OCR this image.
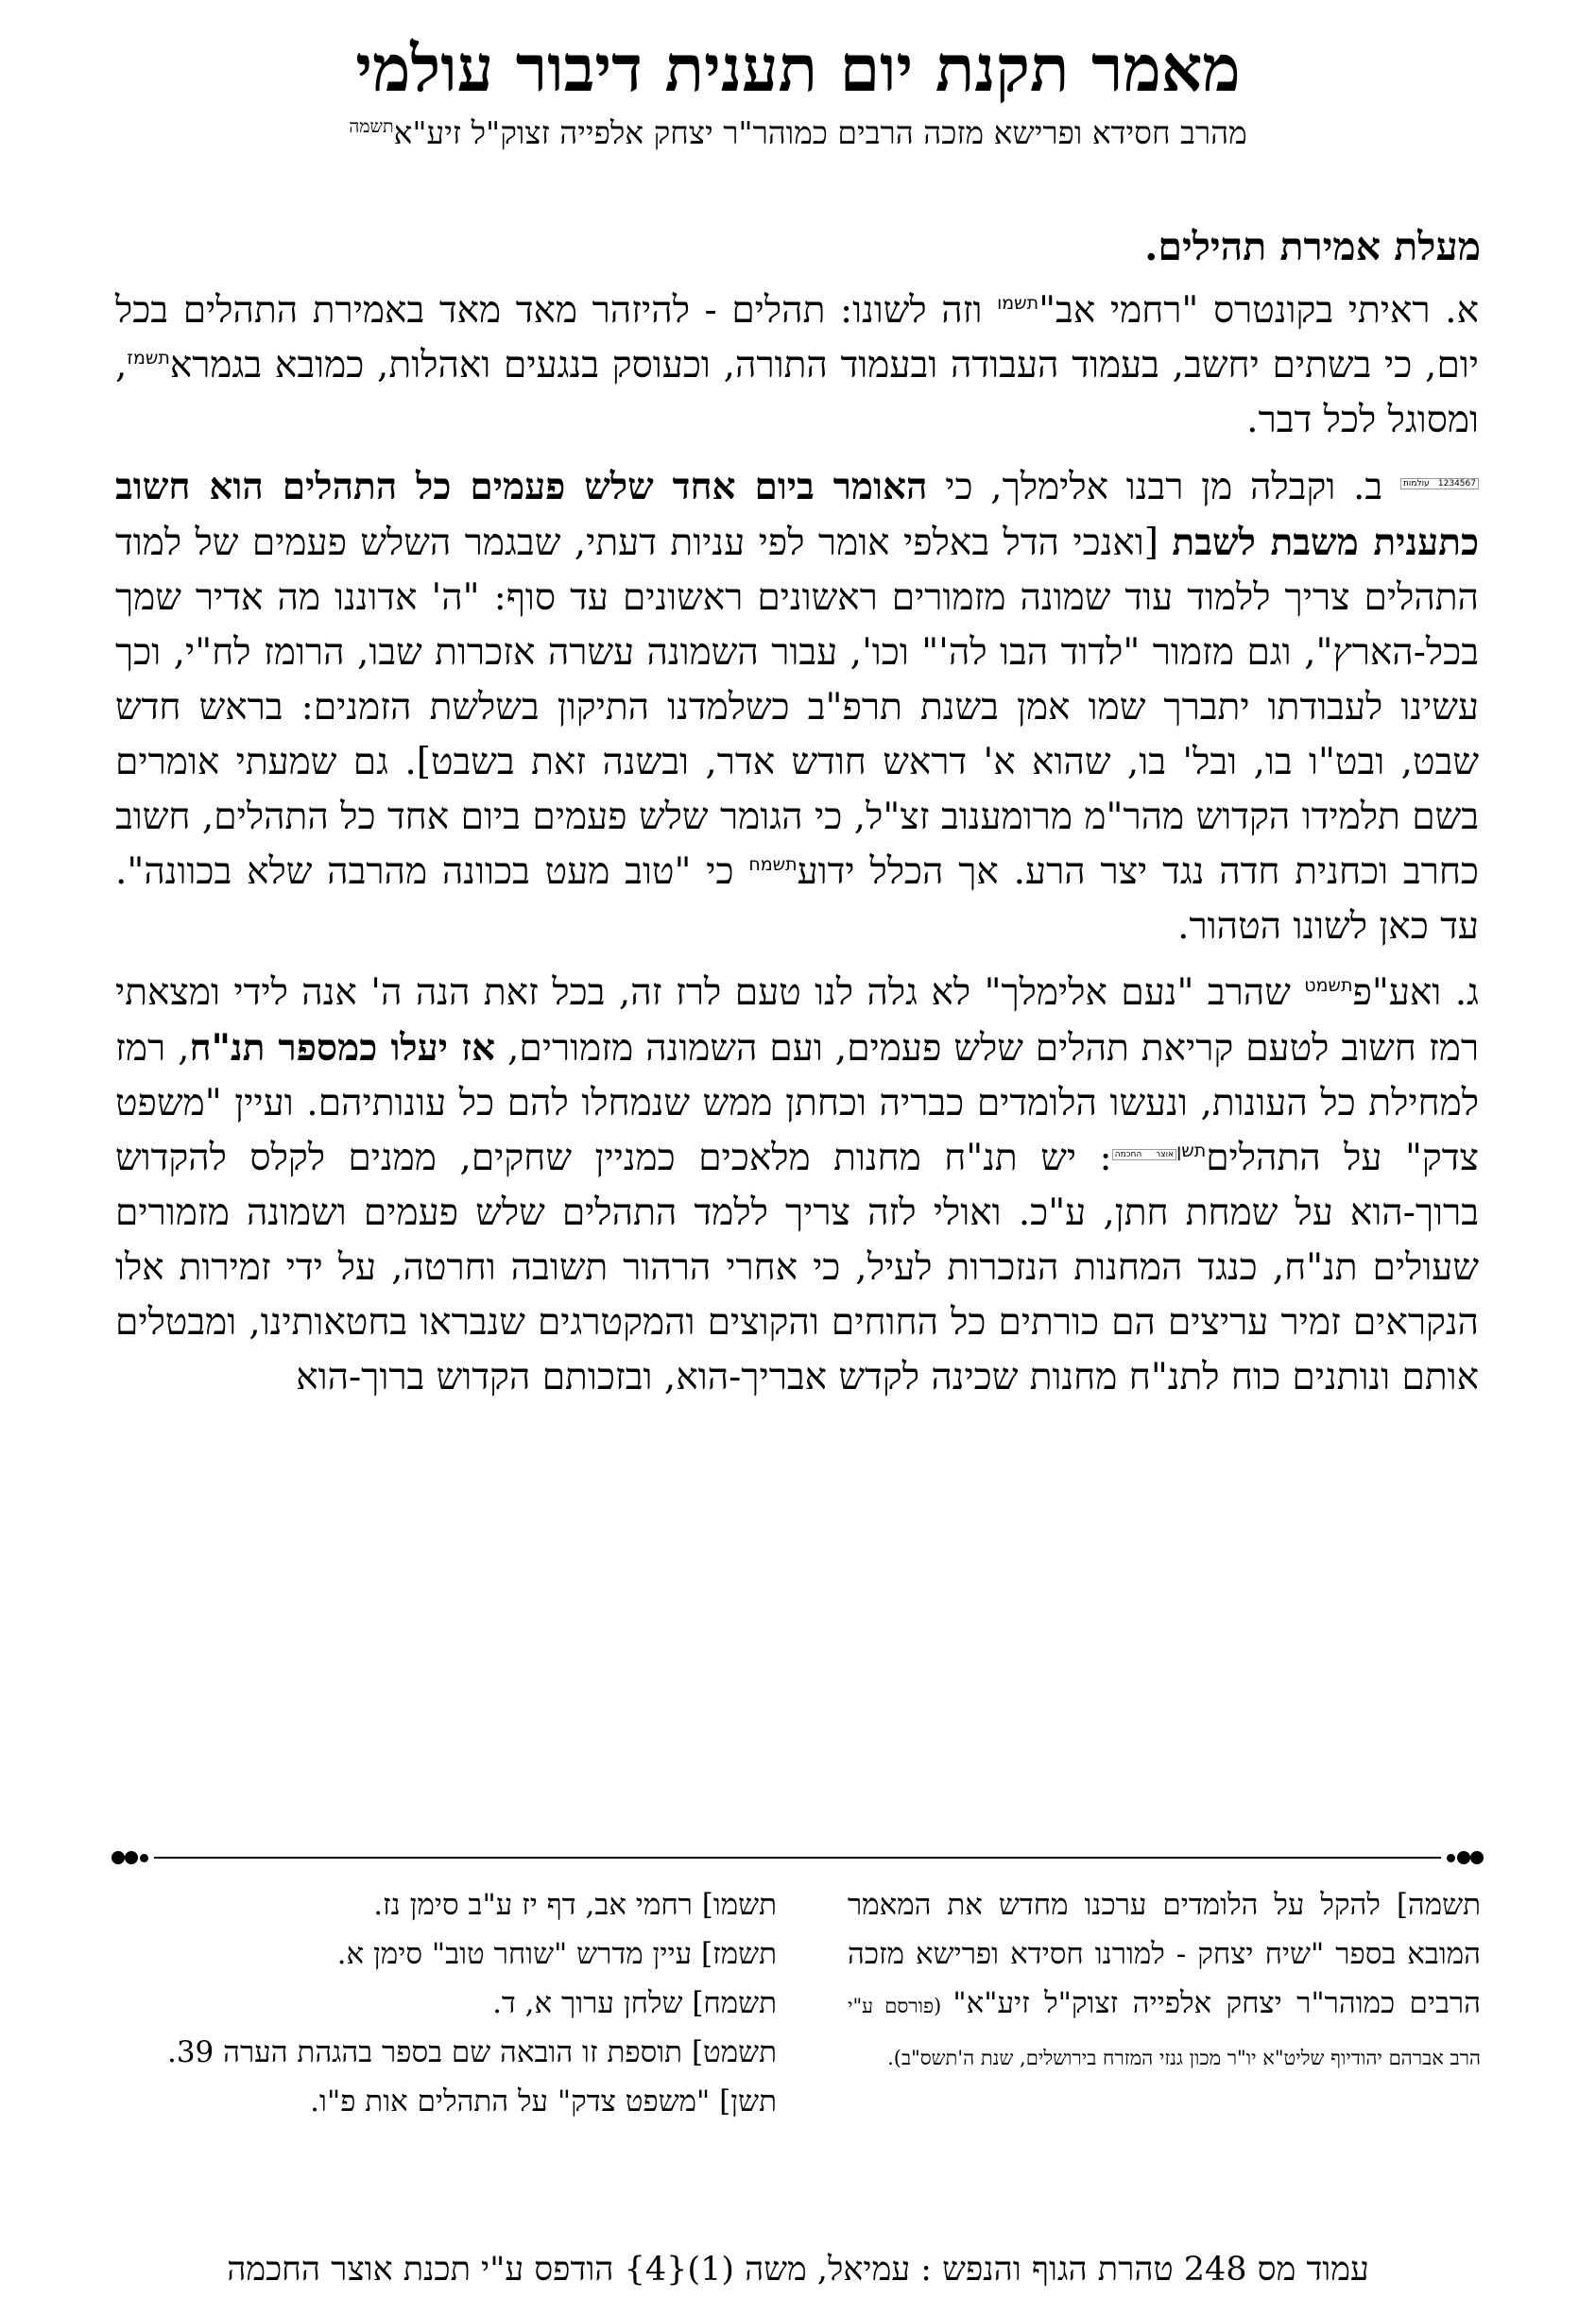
מאמר תקנת יום תענית דיבור עולמי
מהרב חסידא ופרישא מזכה הרבים כמוהר"ר יצחק אלפייה זצוק"ל זיע"א$^{תשמה}$
מעלת אמירת תהילים.

א. ראיתי בקונטרס "רחמי אב"$^{תשמו}$ וזה לשונו: תהלים - להיזהר מאד מאד באמירת התהלים בכל יום, כי בשתים יחשב, בעמוד העבודה ובעמוד התורה, וכעוסק בנגעים ואהלות, כמובא בגמרא$^{תשמז}$, ומסוגל לכל דבר.

$^{1234567 עולמות}$ ב. וקבלה מן רבנו אלימלך, כי האומר ביום אחד שלש פעמים כל התהלים הוא חשוב כתענית משבת לשבת [ואנכי הדל באלפי אומר לפי עניות דעתי, שבגמר השלש פעמים של למוד התהלים צריך ללמוד עוד שמונה מזמורים ראשונים ראשונים עד סוף: "ה' אדוננו מה אדיר שמך בכל-הארץ", וגם מזמור "לדוד הבו לה'" וכו', עבור השמונה עשרה אזכרות שבו, הרומז לח"י, וכך עשינו לעבודתו יתברך שמו אמן בשנת תרפ"ב כשלמדנו התיקון בשלשת הזמנים: בראש חדש שבט, ובט"ו בו, ובל' בו, שהוא א' דראש חודש אדר, ובשנה זאת בשבט]. גם שמעתי אומרים בשם תלמידו הקדוש מהר"מ מרומענוב זצ"ל, כי הגומר שלש פעמים ביום אחד כל התהלים, חשוב כחרב וכחנית חדה נגד יצר הרע. אך הכלל ידוע$^{תשמח}$ כי "טוב מעט בכוונה מהרבה שלא בכוונה". עד כאן לשונו הטהור.

ג. ואע"פ$^{תשמט}$ שהרב "נעם אלימלך" לא גלה לנו טעם לרז זה, בכל זאת הנה ה' אנה לידי ומצאתי רמז חשוב לטעם קריאת תהלים שלש פעמים, ועם השמונה מזמורים, אז יעלו כמספר תנ"ח, רמז למחילת כל העונות, ונעשו הלומדים כבריה וכחתן ממש שנמחלו להם כל עונותיהם. ועיין "משפט צדק" על התהלים$^{תשןאוצר החכמה}$: יש תנ"ח מחנות מלאכים כמניין שחקים, ממנים לקלס להקדוש ברוך-הוא על שמחת חתן, ע"כ. ואולי לזה צריך ללמד התהלים שלש פעמים ושמונה מזמורים שעולים תנ"ח, כנגד המחנות הנזכרות לעיל, כי אחרי הרהור תשובה וחרטה, על ידי זמירות אלו הנקראים זמיר עריצים הם כורתים כל החוחים והקוצים והמקטרגים שנבראו בחטאותינו, ומבטלים אותם ונותנים כוח לתנ"ח מחנות שכינה לקדש אבריך-הוא, ובזכותם הקדוש ברוך-הוא

תשמה] להקל על הלומדים ערכנו מחדש את המאמר המובא בספר "שיח יצחק - למורנו חסידא ופרישא מזכה הרבים כמוהר"ר יצחק אלפייה זצוק"ל זיע"א" (פורסם ע"י הרב אברהם יהודיוף שליט"א יו"ר מכון גנזי המזרח בירושלים, שנת ה'תשס"ב).
תשמו] רחמי אב, דף יז ע"ב סימן נז.
תשמז] עיין מדרש "שוחר טוב" סימן א.
תשמח] שלחן ערוך א, ד.
תשמט] תוספת זו הובאה שם בספר בהגהת הערה 39.
תשן] "משפט צדק" על התהלים אות פ"ו.
עמוד מס 248 טהרת הגוף והנפש : עמיאל, משה (1){4} הודפס ע"י תכנת אוצר החכמה
